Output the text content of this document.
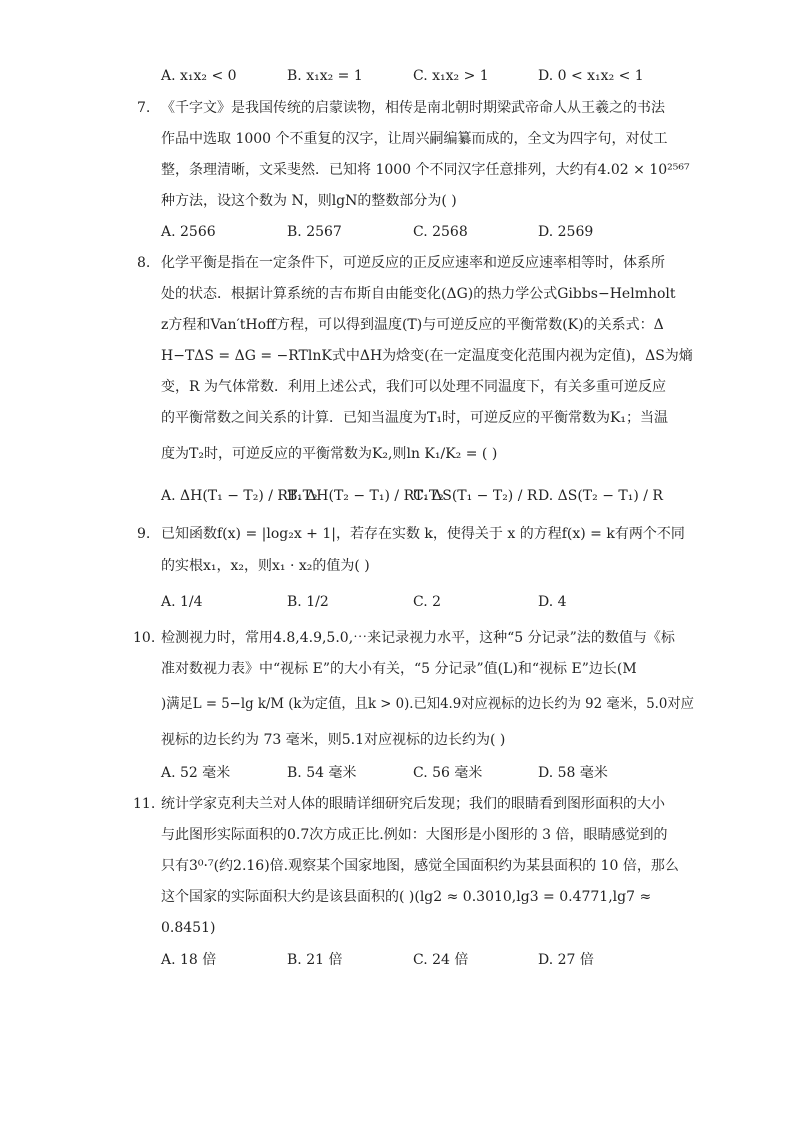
A. x₁x₂ < 0	B. x₁x₂ = 1	C. x₁x₂ > 1	D. 0 < x₁x₂ < 1
7. 《千字文》是我国传统的启蒙读物，相传是南北朝时期梁武帝命人从王羲之的书法
作品中选取 1000 个不重复的汉字，让周兴嗣编纂而成的，全文为四字句，对仗工
整，条理清晰，文采斐然．已知将 1000 个不同汉字任意排列，大约有4.02 × 10²⁵⁶⁷
种方法，设这个数为 N，则lgN的整数部分为( )
A. 2566	B. 2567	C. 2568	D. 2569
8. 化学平衡是指在一定条件下，可逆反应的正反应速率和逆反应速率相等时，体系所
处的状态．根据计算系统的吉布斯自由能变化(ΔG)的热力学公式Gibbs−Helmholt
z方程和Van′tHoff方程，可以得到温度(T)与可逆反应的平衡常数(K)的关系式：Δ
H−TΔS = ΔG = −RTlnK式中ΔH为焓变(在一定温度变化范围内视为定值)，ΔS为熵
变，R 为气体常数．利用上述公式，我们可以处理不同温度下，有关多重可逆反应
的平衡常数之间关系的计算．已知当温度为T₁时，可逆反应的平衡常数为K₁；当温
度为T₂时，可逆反应的平衡常数为K₂,则ln K₁/K₂ = ( )
A. ΔH(T₁ − T₂) / RT₁T₂
B. ΔH(T₂ − T₁) / RT₁T₂
C. ΔS(T₁ − T₂) / R D. ΔS(T₂ − T₁) / R
9. 已知函数f(x) = |log₂x + 1|，若存在实数 k，使得关于 x 的方程f(x) = k有两个不同
的实根x₁，x₂，则x₁ · x₂的值为( )
A. 1/4	B. 1/2	C. 2	D. 4
10. 检测视力时，常用4.8,4.9,5.0,⋯来记录视力水平，这种“5 分记录”法的数值与《标
准对数视力表》中“视标 E”的大小有关，“5 分记录”值(L)和“视标 E”边长(M
)满足L = 5−lg k/M (k为定值，且k > 0).已知4.9对应视标的边长约为 92 毫米，5.0对应
视标的边长约为 73 毫米，则5.1对应视标的边长约为( )
A. 52 毫米	B. 54 毫米	C. 56 毫米	D. 58 毫米
11. 统计学家克利夫兰对人体的眼睛详细研究后发现；我们的眼睛看到图形面积的大小
与此图形实际面积的0.7次方成正比.例如：大图形是小图形的 3 倍，眼睛感觉到的
只有3⁰·⁷(约2.16)倍.观察某个国家地图，感觉全国面积约为某县面积的 10 倍，那么
这个国家的实际面积大约是该县面积的( )(lg2 ≈ 0.3010,lg3 = 0.4771,lg7 ≈
0.8451)
A. 18 倍	B. 21 倍	C. 24 倍	D. 27 倍
